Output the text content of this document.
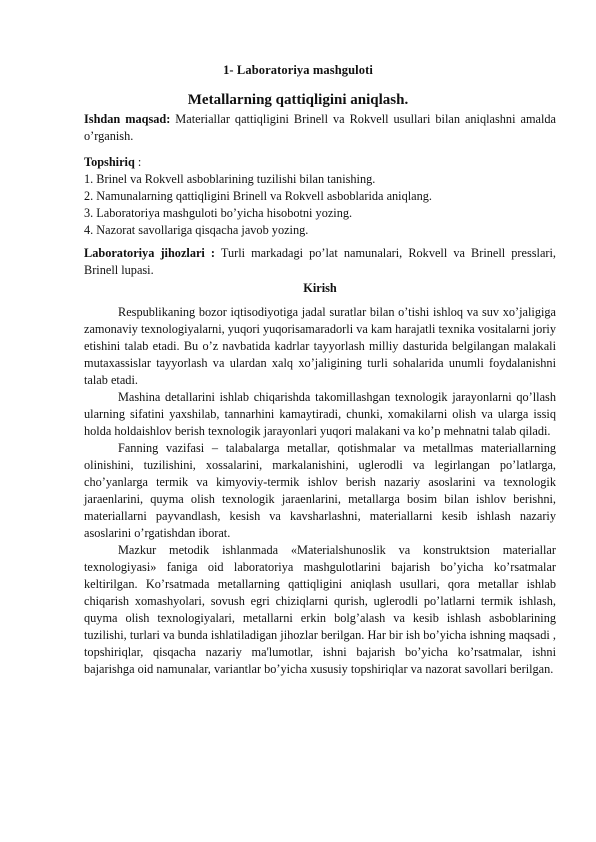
1- Laboratoriya mashguloti
Metallarning qattiqligini aniqlash.

Ishdan maqsad: Materiallar qattiqligini Brinell va Rokvell usullari bilan aniqlashni amalda o’rganish.

Topshiriq :

1. Brinel va Rokvell asboblarining tuzilishi bilan tanishing.
2. Namunalarning qattiqligini Brinell va Rokvell asboblarida aniqlang.
3. Laboratoriya mashguloti bo’yicha hisobotni yozing.
4. Nazorat savollariga qisqacha javob yozing.

Laboratoriya jihozlari : Turli markadagi po’lat namunalari, Rokvell va Brinell presslari, Brinell lupasi.

Kirish

Respublikaning bozor iqtisodiyotiga jadal suratlar bilan o’tishi ishloq va suv xo’jaligiga zamonaviy texnologiyalarni, yuqori yuqorisamaradorli va kam harajatli texnika vositalarni joriy etishini talab etadi. Bu o’z navbatida kadrlar tayyorlash milliy dasturida belgilangan malakali mutaxassislar tayyorlash va ulardan xalq xo’jaligining turli sohalarida unumli foydalanishni talab etadi.

Mashina detallarini ishlab chiqarishda takomillashgan texnologik jarayonlarni qo’llash ularning sifatini yaxshilab, tannarhini kamaytiradi, chunki, xomakilarni olish va ularga issiq holda holdaishlov berish texnologik jarayonlari yuqori malakani va ko’p mehnatni talab qiladi.

Fanning vazifasi – talabalarga metallar, qotishmalar va metallmas materiallarning olinishini, tuzilishini, xossalarini, markalanishini, uglerodli va legirlangan po’latlarga, cho’yanlarga termik va kimyoviy-termik ishlov berish nazariy asoslarini va texnologik jaraenlarini, quyma olish texnologik jaraenlarini, metallarga bosim bilan ishlov berishni, materiallarni payvandlash, kesish va kavsharlashni, materiallarni kesib ishlash nazariy asoslarini o’rgatishdan iborat.

Mazkur metodik ishlanmada «Materialshunoslik va konstruktsion materiallar texnologiyasi» faniga oid laboratoriya mashgulotlarini bajarish bo’yicha ko’rsatmalar keltirilgan. Ko’rsatmada metallarning qattiqligini aniqlash usullari, qora metallar ishlab chiqarish xomashyolari, sovush egri chiziqlarni qurish, uglerodli po’latlarni termik ishlash, quyma olish texnologiyalari, metallarni erkin bolg’alash va kesib ishlash asboblarining tuzilishi, turlari va bunda ishlatiladigan jihozlar berilgan. Har bir ish bo’yicha ishning maqsadi , topshiriqlar, qisqacha nazariy ma'lumotlar, ishni bajarish bo’yicha ko’rsatmalar, ishni bajarishga oid namunalar, variantlar bo’yicha xususiy topshiriqlar va nazorat savollari berilgan.
